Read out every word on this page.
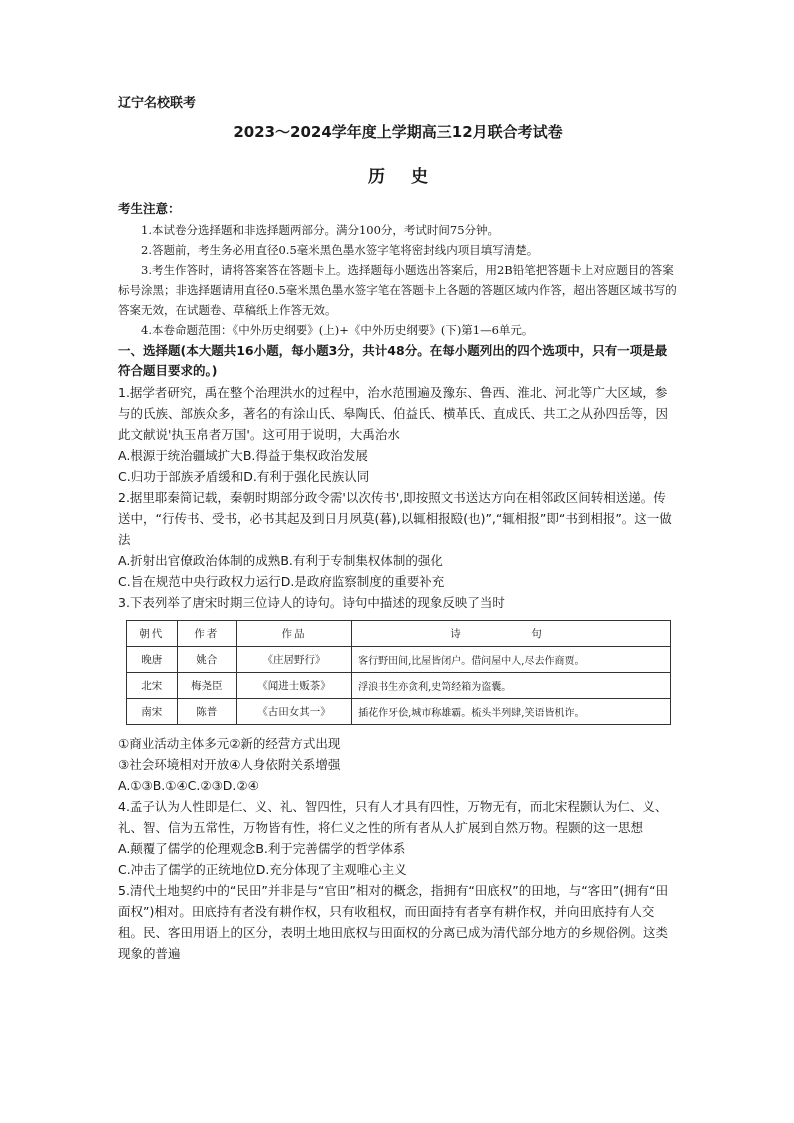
辽宁名校联考
2023～2024学年度上学期高三12月联合考试卷
历史
考生注意：

1.本试卷分选择题和非选择题两部分。满分100分，考试时间75分钟。

2.答题前，考生务必用直径0.5毫米黑色墨水签字笔将密封线内项目填写清楚。

3.考生作答时，请将答案答在答题卡上。选择题每小题选出答案后，用2B铅笔把答题卡上对应题目的答案标号涂黑；非选择题请用直径0.5毫米黑色墨水签字笔在答题卡上各题的答题区域内作答，超出答题区域书写的答案无效，在试题卷、草稿纸上作答无效。

4.本卷命题范围：《中外历史纲要》(上)+《中外历史纲要》(下)第1—6单元。

一、选择题(本大题共16小题，每小题3分，共计48分。在每小题列出的四个选项中，只有一项是最符合题目要求的。)

1.据学者研究，禹在整个治理洪水的过程中，治水范围遍及豫东、鲁西、淮北、河北等广大区域，参与的氏族、部族众多，著名的有涂山氏、皋陶氏、伯益氏、横革氏、直成氏、共工之从孙四岳等，因此文献说'执玉帛者万国'。这可用于说明，大禹治水

A.根源于统治疆域扩大B.得益于集权政治发展

C.归功于部族矛盾缓和D.有利于强化民族认同

2.据里耶秦简记载，秦朝时期部分政令需'以次传书',即按照文书送达方向在相邻政区间转相送递。传送中，“行传书、受书，必书其起及到日月夙莫(暮),以辄相报殹(也)”,“辄相报”即“书到相报”。这一做法

A.折射出官僚政治体制的成熟B.有利于专制集权体制的强化

C.旨在规范中央行政权力运行D.是政府监察制度的重要补充

3.下表列举了唐宋时期三位诗人的诗句。诗句中描述的现象反映了当时

朝代	作者	作品	诗　句
晚唐	姚合	《庄居野行》	客行野田间,比屋皆闭户。借问屋中人,尽去作商贾。
北宋	梅尧臣	《闻进士贩茶》	浮浪书生亦贪利,史笥经箱为盗囊。
南宋	陈普	《古田女其一》	插花作牙侩,城市称雄霸。梳头半列肆,笑语皆机诈。

①商业活动主体多元②新的经营方式出现

③社会环境相对开放④人身依附关系增强

A.①③B.①④C.②③D.②④

4.孟子认为人性即是仁、义、礼、智四性，只有人才具有四性，万物无有，而北宋程颢认为仁、义、礼、智、信为五常性，万物皆有性，将仁义之性的所有者从人扩展到自然万物。程颢的这一思想

A.颠覆了儒学的伦理观念B.利于完善儒学的哲学体系

C.冲击了儒学的正统地位D.充分体现了主观唯心主义

5.清代土地契约中的“民田”并非是与“官田”相对的概念，指拥有“田底权”的田地，与“客田”(拥有“田面权”)相对。田底持有者没有耕作权，只有收租权，而田面持有者享有耕作权，并向田底持有人交租。民、客田用语上的区分，表明土地田底权与田面权的分离已成为清代部分地方的乡规俗例。这类现象的普遍
